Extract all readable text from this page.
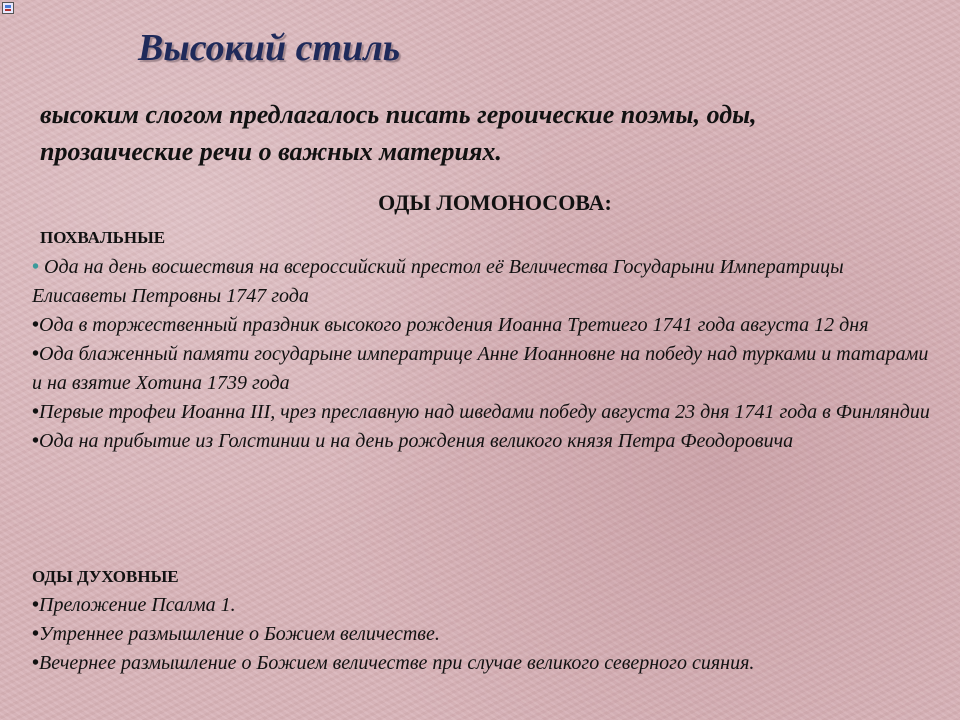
Высокий стиль
высоким слогом предлагалось писать героические поэмы, оды, прозаические речи о важных материях.
ОДЫ ЛОМОНОСОВА:
ПОХВАЛЬНЫЕ
• Ода на день восшествия на всероссийский престол её Величества Государыни Императрицы Елисаветы Петровны 1747 года
•Ода в торжественный праздник высокого рождения Иоанна Третиего 1741 года августа 12 дня
•Ода блаженный памяти государыне императрице Анне Иоанновне на победу над турками и татарами и на взятие Хотина 1739 года
•Первые трофеи Иоанна III, чрез преславную над шведами победу августа 23 дня 1741 года в Финляндии
•Ода на прибытие из Голстинии и на день рождения великого князя Петра Феодоровича
ОДЫ ДУХОВНЫЕ
•Преложение Псалма 1.
•Утреннее размышление о Божием величестве.
•Вечернее размышление о Божием величестве при случае великого северного сияния.
